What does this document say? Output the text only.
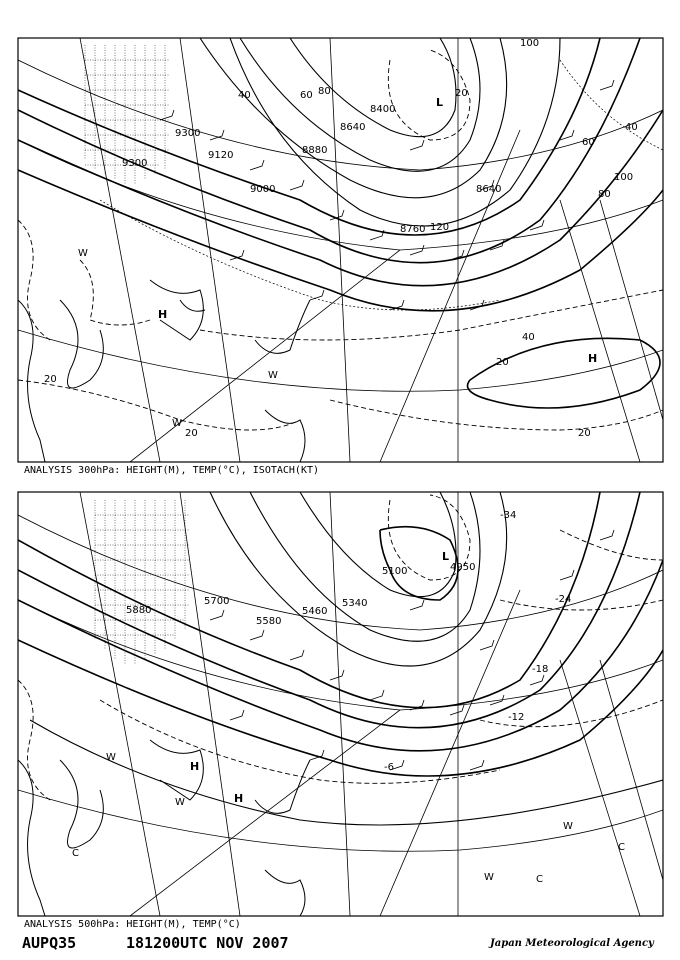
9300
9300
9120
9000
8880
8640
8400
8760
8640
20
20
40	60 80
100
120
40
60
80
100
40
20
20
20
L
H
H
W
W
W
ANALYSIS 300hPa: HEIGHT(M), TEMP(°C), ISOTACH(KT)
5880
5700
5580
5460
5340
5100	4950
-24
-18
-12
-6
-34
L
H
H
W
W
W
W
C
C
C
ANALYSIS 500hPa: HEIGHT(M), TEMP(°C)
AUPQ35	181200UTC NOV 2007	Japan Meteorological Agency
